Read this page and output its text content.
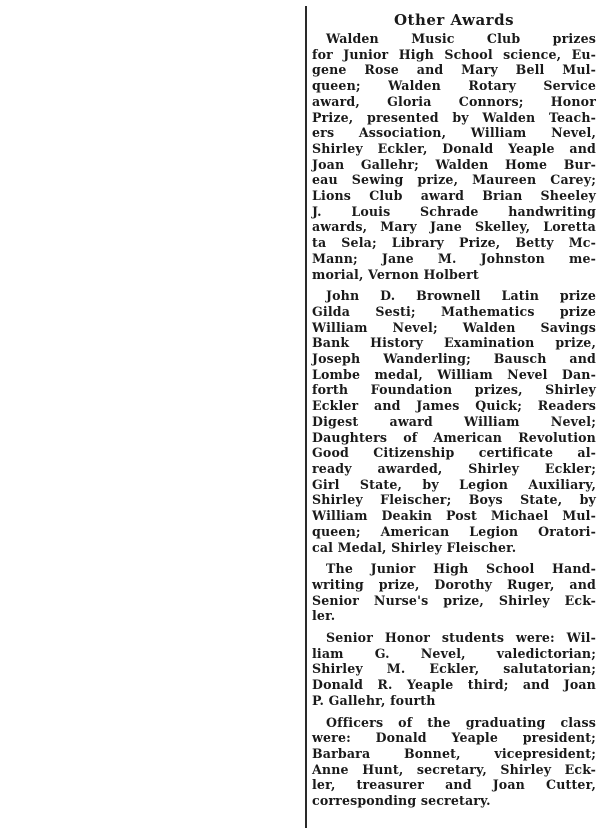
Other Awards
Walden Music Club prizes
for Junior High School science, Eu-
gene Rose and Mary Bell Mul-
queen; Walden Rotary Service
award, Gloria Connors; Honor
Prize, presented by Walden Teach-
ers Association, William Nevel,
Shirley Eckler, Donald Yeaple and
Joan Gallehr; Walden Home Bur-
eau Sewing prize, Maureen Carey;
Lions Club award Brian Sheeley
J. Louis Schrade handwriting
awards, Mary Jane Skelley, Loretta
ta Sela; Library Prize, Betty Mc-
Mann; Jane M. Johnston me-
morial, Vernon Holbert
John D. Brownell Latin prize
Gilda Sesti; Mathematics prize
William Nevel; Walden Savings
Bank History Examination prize,
Joseph Wanderling; Bausch and
Lombe medal, William Nevel Dan-
forth Foundation prizes, Shirley
Eckler and James Quick; Readers
Digest award William Nevel;
Daughters of American Revolution
Good Citizenship certificate al-
ready awarded, Shirley Eckler;
Girl State, by Legion Auxiliary,
Shirley Fleischer; Boys State, by
William Deakin Post Michael Mul-
queen; American Legion Oratori-
cal Medal, Shirley Fleischer.
The Junior High School Hand-
writing prize, Dorothy Ruger, and
Senior Nurse's prize, Shirley Eck-
ler.
Senior Honor students were: Wil-
liam G. Nevel, valedictorian;
Shirley M. Eckler, salutatorian;
Donald R. Yeaple third; and Joan
P. Gallehr, fourth
Officers of the graduating class
were: Donald Yeaple president;
Barbara Bonnet, vicepresident;
Anne Hunt, secretary, Shirley Eck-
ler, treasurer and Joan Cutter,
corresponding secretary.
